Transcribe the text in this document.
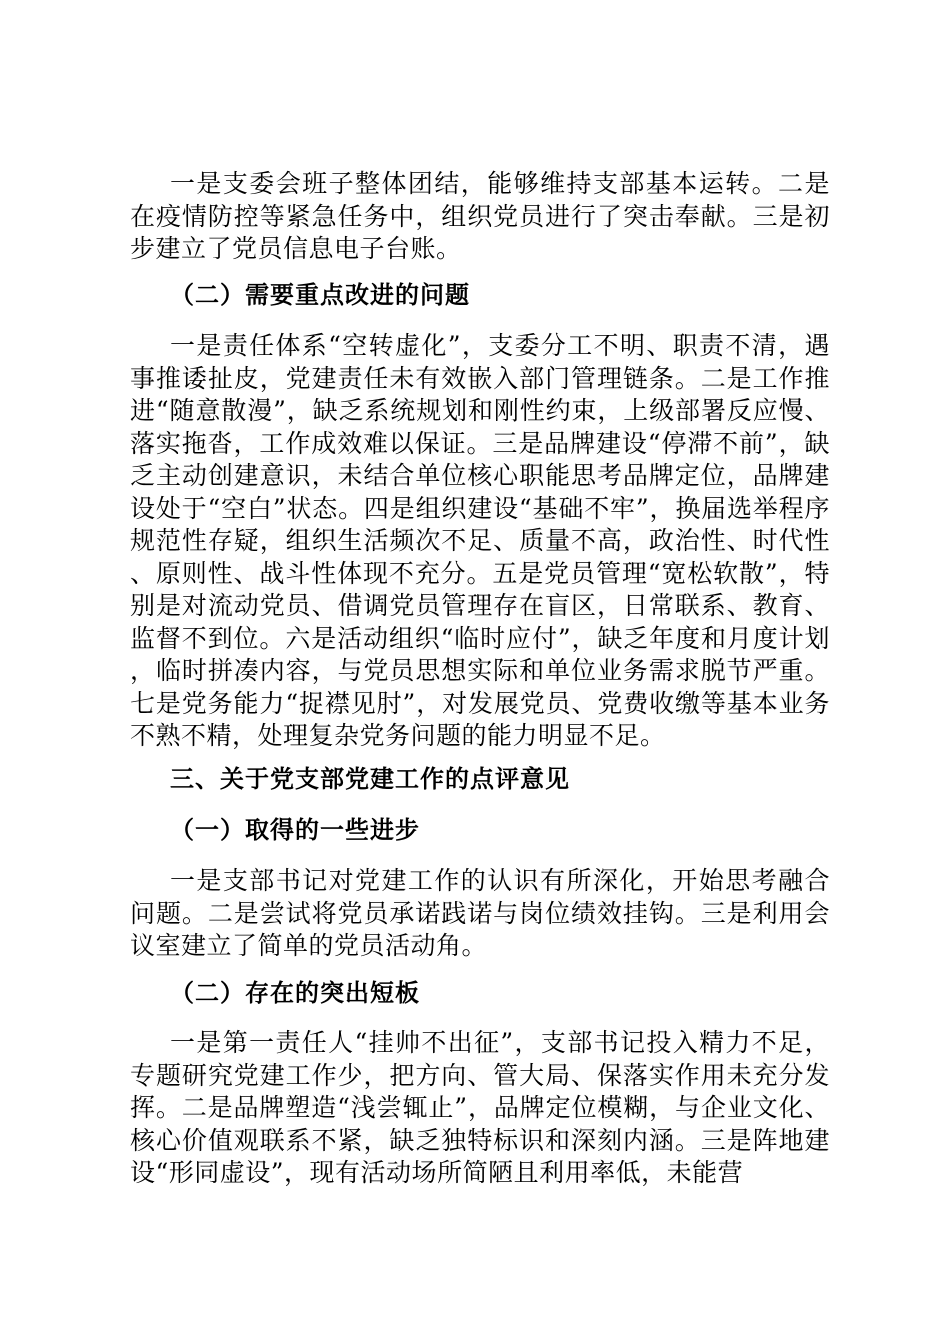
一是支委会班子整体团结，能够维持支部基本运转。二是在疫情防控等紧急任务中，组织党员进行了突击奉献。三是初步建立了党员信息电子台账。

（二）需要重点改进的问题

一是责任体系“空转虚化”，支委分工不明、职责不清，遇事推诿扯皮，党建责任未有效嵌入部门管理链条。二是工作推进“随意散漫”，缺乏系统规划和刚性约束，上级部署反应慢、落实拖沓，工作成效难以保证。三是品牌建设“停滞不前”，缺乏主动创建意识，未结合单位核心职能思考品牌定位，品牌建设处于“空白”状态。四是组织建设“基础不牢”，换届选举程序规范性存疑，组织生活频次不足、质量不高，政治性、时代性、原则性、战斗性体现不充分。五是党员管理“宽松软散”，特别是对流动党员、借调党员管理存在盲区，日常联系、教育、监督不到位。六是活动组织“临时应付”，缺乏年度和月度计划，临时拼凑内容，与党员思想实际和单位业务需求脱节严重。七是党务能力“捉襟见肘”，对发展党员、党费收缴等基本业务不熟不精，处理复杂党务问题的能力明显不足。

三、关于党支部党建工作的点评意见
（一）取得的一些进步

一是支部书记对党建工作的认识有所深化，开始思考融合问题。二是尝试将党员承诺践诺与岗位绩效挂钩。三是利用会议室建立了简单的党员活动角。

（二）存在的突出短板

一是第一责任人“挂帅不出征”，支部书记投入精力不足，专题研究党建工作少，把方向、管大局、保落实作用未充分发挥。二是品牌塑造“浅尝辄止”，品牌定位模糊，与企业文化、核心价值观联系不紧，缺乏独特标识和深刻内涵。三是阵地建设“形同虚设”，现有活动场所简陋且利用率低，未能营
